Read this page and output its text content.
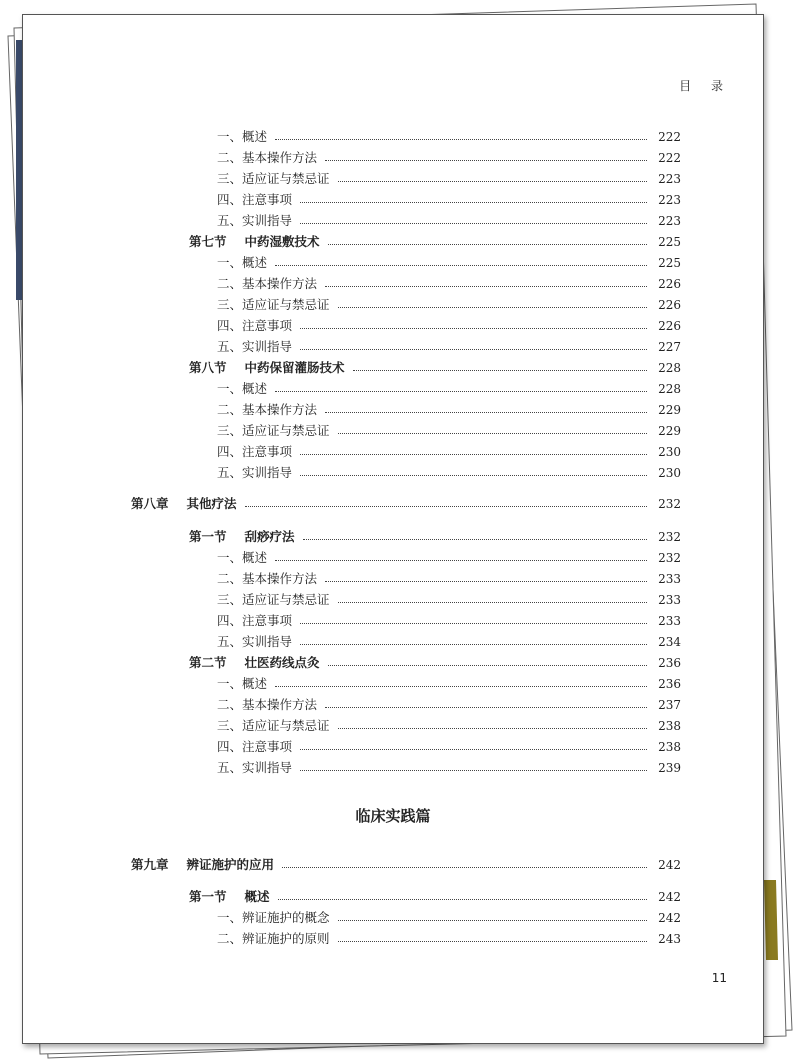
目 录
一、概述	222
二、基本操作方法	222
三、适应证与禁忌证	223
四、注意事项	223
五、实训指导	223
第七节 中药湿敷技术	225
一、概述	225
二、基本操作方法	226
三、适应证与禁忌证	226
四、注意事项	226
五、实训指导	227
第八节 中药保留灌肠技术	228
一、概述	228
二、基本操作方法	229
三、适应证与禁忌证	229
四、注意事项	230
五、实训指导	230
第八章 其他疗法	232
第一节 刮痧疗法	232
一、概述	232
二、基本操作方法	233
三、适应证与禁忌证	233
四、注意事项	233
五、实训指导	234
第二节 壮医药线点灸	236
一、概述	236
二、基本操作方法	237
三、适应证与禁忌证	238
四、注意事项	238
五、实训指导	239
临床实践篇
第九章 辨证施护的应用	242
第一节 概述	242
一、辨证施护的概念	242
二、辨证施护的原则	243
11
